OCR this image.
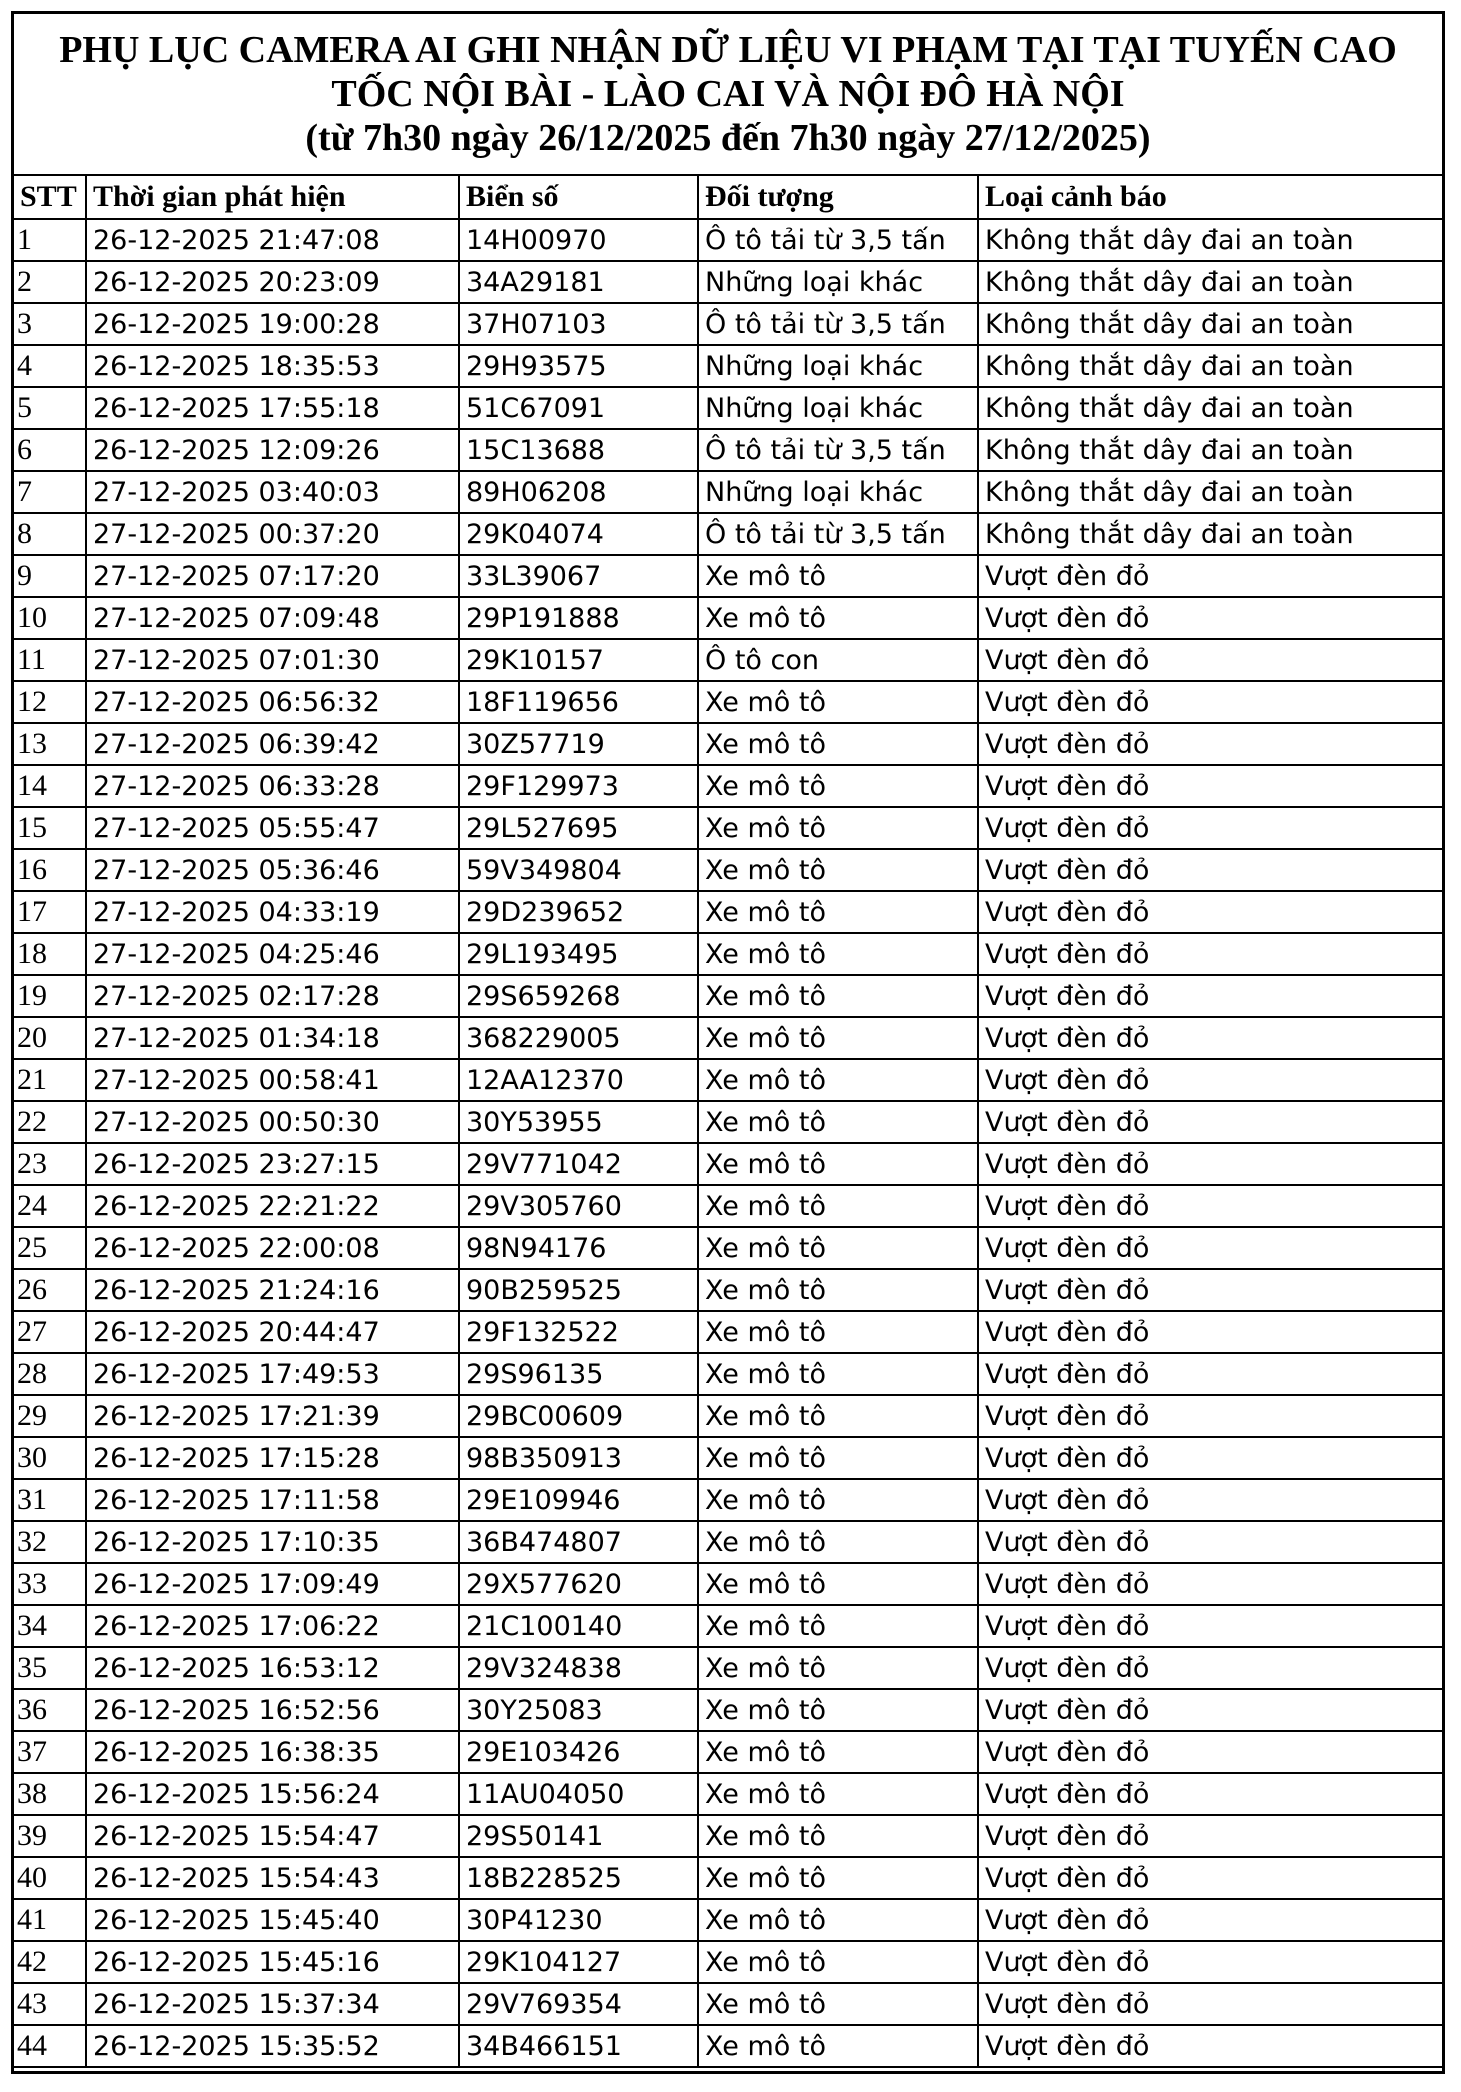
PHỤ LỤC CAMERA AI GHI NHẬN DỮ LIỆU VI PHẠM TẠI TẠI TUYẾN CAO
TỐC NỘI BÀI - LÀO CAI VÀ NỘI ĐÔ HÀ NỘI
(từ 7h30 ngày 26/12/2025 đến 7h30 ngày 27/12/2025)
STT	Thời gian phát hiện	Biển số	Đối tượng	Loại cảnh báo
1	26-12-2025 21:47:08	14H00970	Ô tô tải từ 3,5 tấn	Không thắt dây đai an toàn
2	26-12-2025 20:23:09	34A29181	Những loại khác	Không thắt dây đai an toàn
3	26-12-2025 19:00:28	37H07103	Ô tô tải từ 3,5 tấn	Không thắt dây đai an toàn
4	26-12-2025 18:35:53	29H93575	Những loại khác	Không thắt dây đai an toàn
5	26-12-2025 17:55:18	51C67091	Những loại khác	Không thắt dây đai an toàn
6	26-12-2025 12:09:26	15C13688	Ô tô tải từ 3,5 tấn	Không thắt dây đai an toàn
7	27-12-2025 03:40:03	89H06208	Những loại khác	Không thắt dây đai an toàn
8	27-12-2025 00:37:20	29K04074	Ô tô tải từ 3,5 tấn	Không thắt dây đai an toàn
9	27-12-2025 07:17:20	33L39067	Xe mô tô	Vượt đèn đỏ
10	27-12-2025 07:09:48	29P191888	Xe mô tô	Vượt đèn đỏ
11	27-12-2025 07:01:30	29K10157	Ô tô con	Vượt đèn đỏ
12	27-12-2025 06:56:32	18F119656	Xe mô tô	Vượt đèn đỏ
13	27-12-2025 06:39:42	30Z57719	Xe mô tô	Vượt đèn đỏ
14	27-12-2025 06:33:28	29F129973	Xe mô tô	Vượt đèn đỏ
15	27-12-2025 05:55:47	29L527695	Xe mô tô	Vượt đèn đỏ
16	27-12-2025 05:36:46	59V349804	Xe mô tô	Vượt đèn đỏ
17	27-12-2025 04:33:19	29D239652	Xe mô tô	Vượt đèn đỏ
18	27-12-2025 04:25:46	29L193495	Xe mô tô	Vượt đèn đỏ
19	27-12-2025 02:17:28	29S659268	Xe mô tô	Vượt đèn đỏ
20	27-12-2025 01:34:18	368229005	Xe mô tô	Vượt đèn đỏ
21	27-12-2025 00:58:41	12AA12370	Xe mô tô	Vượt đèn đỏ
22	27-12-2025 00:50:30	30Y53955	Xe mô tô	Vượt đèn đỏ
23	26-12-2025 23:27:15	29V771042	Xe mô tô	Vượt đèn đỏ
24	26-12-2025 22:21:22	29V305760	Xe mô tô	Vượt đèn đỏ
25	26-12-2025 22:00:08	98N94176	Xe mô tô	Vượt đèn đỏ
26	26-12-2025 21:24:16	90B259525	Xe mô tô	Vượt đèn đỏ
27	26-12-2025 20:44:47	29F132522	Xe mô tô	Vượt đèn đỏ
28	26-12-2025 17:49:53	29S96135	Xe mô tô	Vượt đèn đỏ
29	26-12-2025 17:21:39	29BC00609	Xe mô tô	Vượt đèn đỏ
30	26-12-2025 17:15:28	98B350913	Xe mô tô	Vượt đèn đỏ
31	26-12-2025 17:11:58	29E109946	Xe mô tô	Vượt đèn đỏ
32	26-12-2025 17:10:35	36B474807	Xe mô tô	Vượt đèn đỏ
33	26-12-2025 17:09:49	29X577620	Xe mô tô	Vượt đèn đỏ
34	26-12-2025 17:06:22	21C100140	Xe mô tô	Vượt đèn đỏ
35	26-12-2025 16:53:12	29V324838	Xe mô tô	Vượt đèn đỏ
36	26-12-2025 16:52:56	30Y25083	Xe mô tô	Vượt đèn đỏ
37	26-12-2025 16:38:35	29E103426	Xe mô tô	Vượt đèn đỏ
38	26-12-2025 15:56:24	11AU04050	Xe mô tô	Vượt đèn đỏ
39	26-12-2025 15:54:47	29S50141	Xe mô tô	Vượt đèn đỏ
40	26-12-2025 15:54:43	18B228525	Xe mô tô	Vượt đèn đỏ
41	26-12-2025 15:45:40	30P41230	Xe mô tô	Vượt đèn đỏ
42	26-12-2025 15:45:16	29K104127	Xe mô tô	Vượt đèn đỏ
43	26-12-2025 15:37:34	29V769354	Xe mô tô	Vượt đèn đỏ
44	26-12-2025 15:35:52	34B466151	Xe mô tô	Vượt đèn đỏ
